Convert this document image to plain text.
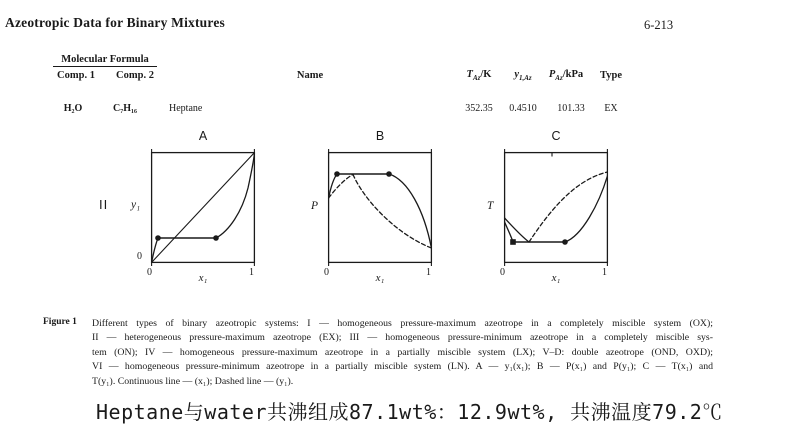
Azeotropic Data for Binary Mixtures	6-213
Molecular Formula
Comp. 1	Comp. 2	Name	$T_{Az}/K$	$y_{1,Az}$	$P_{Az}$/kPa	Type
H₂O	C₇H₁₆	Heptane	352.35	0.4510	101.33	EX
II
A
y₁
0
0	x₁	1
B
P
0	x₁	1
C
T
0	x₁	1
Figure 1 Different types of binary azeotropic systems: I — homogeneous pressure-maximum azeotrope in a completely miscible system (OX);
II — heterogeneous pressure-maximum azeotrope (EX); III — homogeneous pressure-minimum azeotrope in a completely miscible sys-
tem (ON); IV — homogeneous pressure-maximum azeotrope in a partially miscible system (LX); V–D: double azeotrope (OND, OXD);
VI — homogeneous pressure-minimum azeotrope in a partially miscible system (LN). A — y₁(x₁); B — P(x₁) and P(y₁); C — T(x₁) and
T(y₁). Continuous line — (x₁); Dashed line — (y₁).
Heptane与water共沸组成87.1wt%：12.9wt%, 共沸温度79.2℃
